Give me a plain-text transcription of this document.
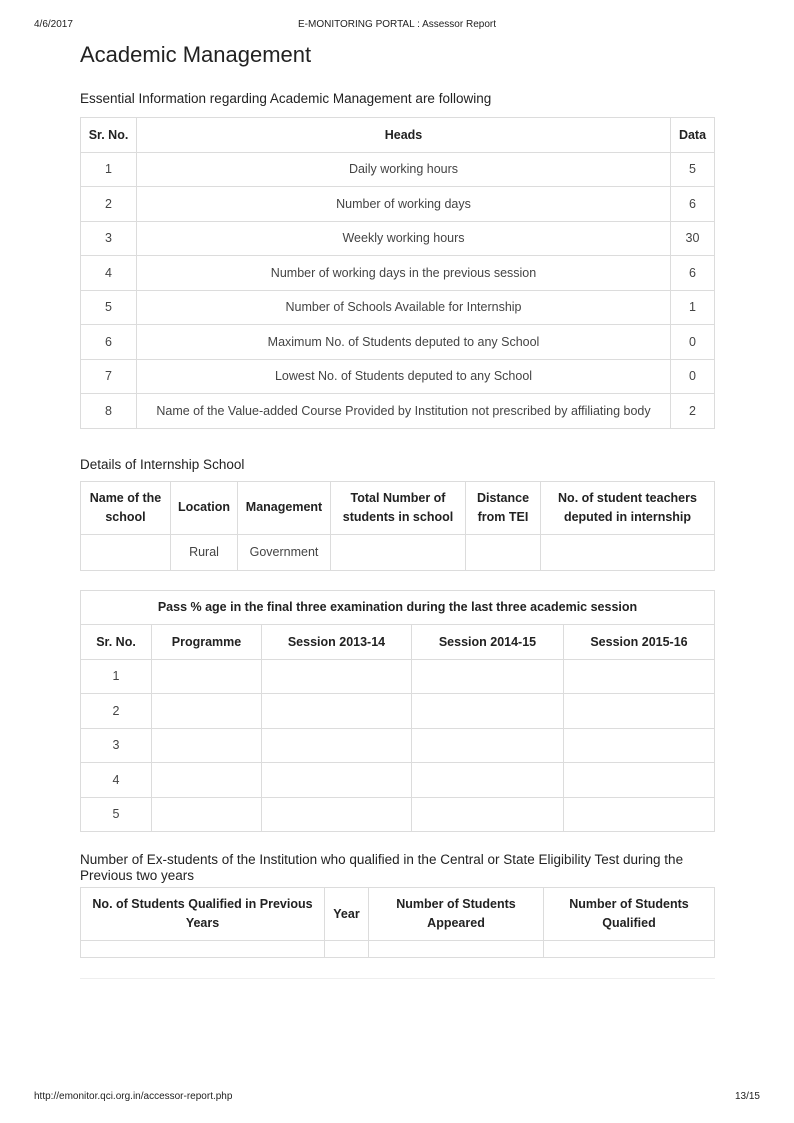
4/6/2017	E-MONITORING PORTAL : Assessor Report
Academic Management

Essential Information regarding Academic Management are following

Sr. No.	Heads	Data
1	Daily working hours	5
2	Number of working days	6
3	Weekly working hours	30
4	Number of working days in the previous session	6
5	Number of Schools Available for Internship	1
6	Maximum No. of Students deputed to any School	0
7	Lowest No. of Students deputed to any School	0
8	Name of the Value-added Course Provided by Institution not prescribed by affiliating body	2

Details of Internship School

Name of the school	Location	Management	Total Number of students in school	Distance from TEI	No. of student teachers deputed in internship
	Rural	Government			
Pass % age in the final three examination during the last three academic session				
Sr. No.	Programme	Session 2013-14	Session 2014-15	Session 2015-16
1				
2				
3				
4				
5				

Number of Ex-students of the Institution who qualified in the Central or State Eligibility Test during the Previous two years

No. of Students Qualified in Previous Years	Year	Number of Students Appeared	Number of Students Qualified

http://emonitor.qci.org.in/accessor-report.php	13/15
